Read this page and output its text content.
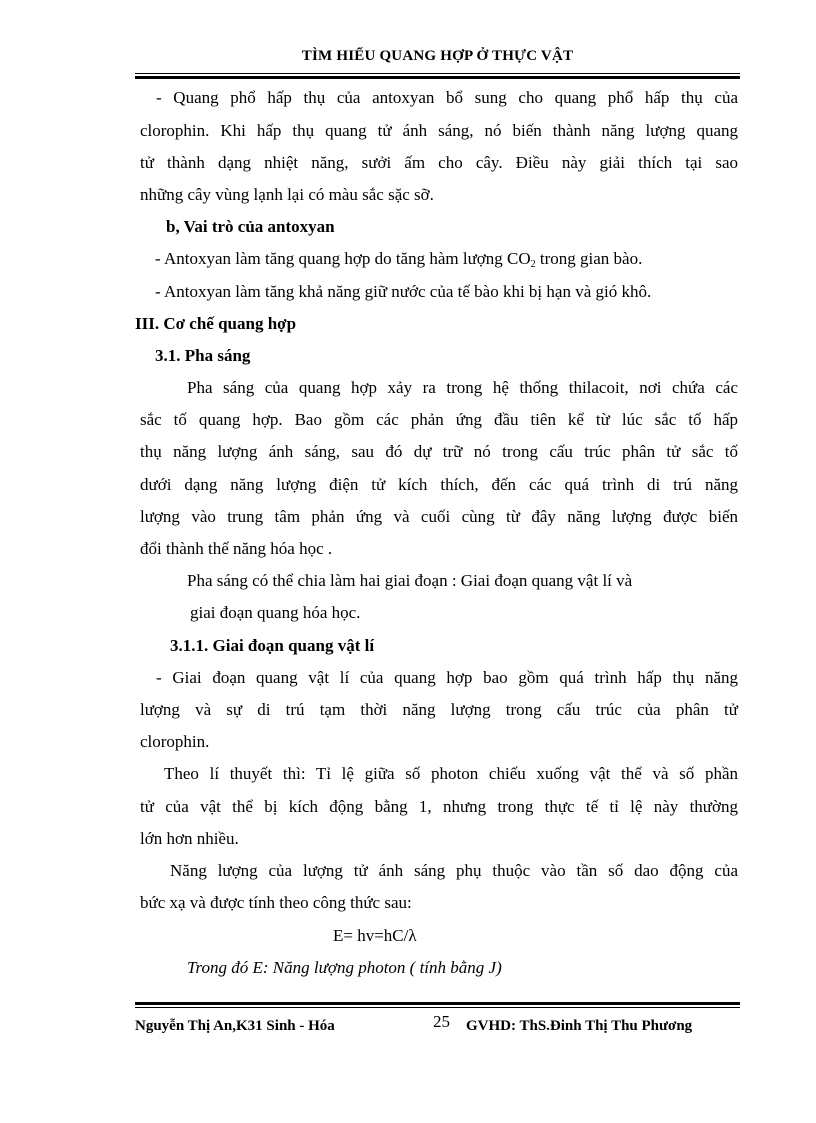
TÌM HIỂU QUANG HỢP Ở THỰC VẬT
- Quang phổ hấp thụ của antoxyan bổ sung cho quang phổ hấp thụ của
clorophin. Khi hấp thụ quang tử ánh sáng, nó biến thành năng lượng quang
tử thành dạng nhiệt năng, sưởi ấm cho cây. Điều này giải thích tại sao
những cây vùng lạnh lại có màu sắc sặc sỡ.
b, Vai trò của antoxyan
- Antoxyan làm tăng quang hợp do tăng hàm lượng $CO_2$ trong gian bào.
- Antoxyan làm tăng khả năng giữ nước của tế bào khi bị hạn và gió khô.
III. Cơ chế quang hợp
3.1. Pha sáng
Pha sáng của quang hợp xảy ra trong hệ thống thilacoit, nơi chứa các
sắc tố quang hợp. Bao gồm các phản ứng đầu tiên kể từ lúc sắc tố hấp
thụ năng lượng ánh sáng, sau đó dự trữ nó trong cấu trúc phân tử sắc tố
dưới dạng năng lượng điện tử kích thích, đến các quá trình di trú năng
lượng vào trung tâm phản ứng và cuối cùng từ đây năng lượng được biến
đổi thành thế năng hóa học .
Pha sáng có thể chia làm hai giai đoạn : Giai đoạn quang vật lí và
giai đoạn quang hóa học.
3.1.1. Giai đoạn quang vật lí
- Giai đoạn quang vật lí của quang hợp bao gồm quá trình hấp thụ năng
lượng và sự di trú tạm thời năng lượng trong cấu trúc của phân tử
clorophin.
Theo lí thuyết thì: Tỉ lệ giữa số photon chiếu xuống vật thể và số phần
tử của vật thể bị kích động bằng 1, nhưng trong thực tế tỉ lệ này thường
lớn hơn nhiều.
Năng lượng của lượng tử ánh sáng phụ thuộc vào tần số dao động của
bức xạ và được tính theo công thức sau:
E= hv=hC/λ
Trong đó E: Năng lượng photon ( tính bằng J)
Nguyễn Thị An,K31 Sinh - Hóa	25 GVHD: ThS.Đinh Thị Thu Phương
